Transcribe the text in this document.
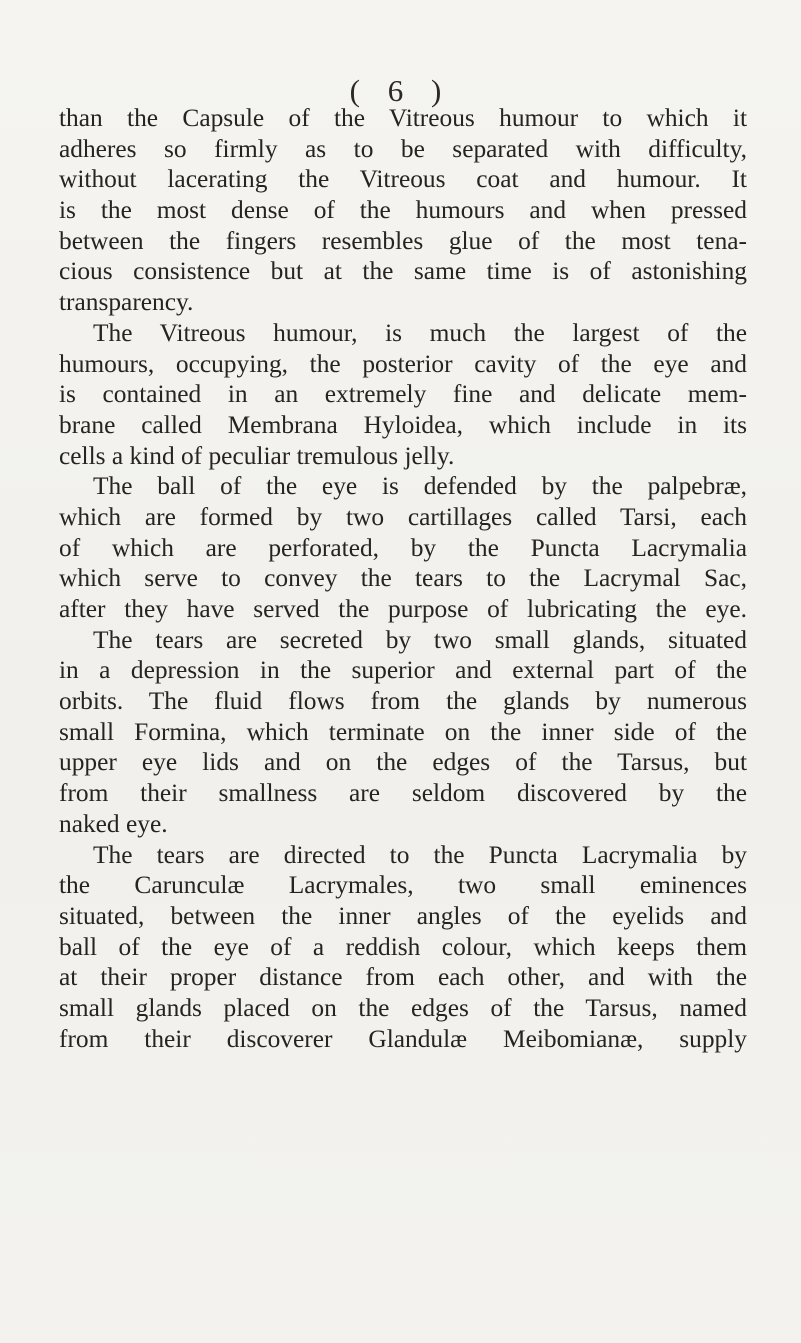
( 6 )
than the Capsule of the Vitreous humour to which it
adheres so firmly as to be separated with difficulty,
without lacerating the Vitreous coat and humour. It
is the most dense of the humours and when pressed
between the fingers resembles glue of the most tena-
cious consistence but at the same time is of astonishing
transparency.
The Vitreous humour, is much the largest of the
humours, occupying, the posterior cavity of the eye and
is contained in an extremely fine and delicate mem-
brane called Membrana Hyloidea, which include in its
cells a kind of peculiar tremulous jelly.
The ball of the eye is defended by the palpebræ,
which are formed by two cartillages called Tarsi, each
of which are perforated, by the Puncta Lacrymalia
which serve to convey the tears to the Lacrymal Sac,
after they have served the purpose of lubricating the eye.
The tears are secreted by two small glands, situated
in a depression in the superior and external part of the
orbits. The fluid flows from the glands by numerous
small Formina, which terminate on the inner side of the
upper eye lids and on the edges of the Tarsus, but
from their smallness are seldom discovered by the
naked eye.
The tears are directed to the Puncta Lacrymalia by
the Carunculæ Lacrymales, two small eminences
situated, between the inner angles of the eyelids and
ball of the eye of a reddish colour, which keeps them
at their proper distance from each other, and with the
small glands placed on the edges of the Tarsus, named
from their discoverer Glandulæ Meibomianæ, supply
